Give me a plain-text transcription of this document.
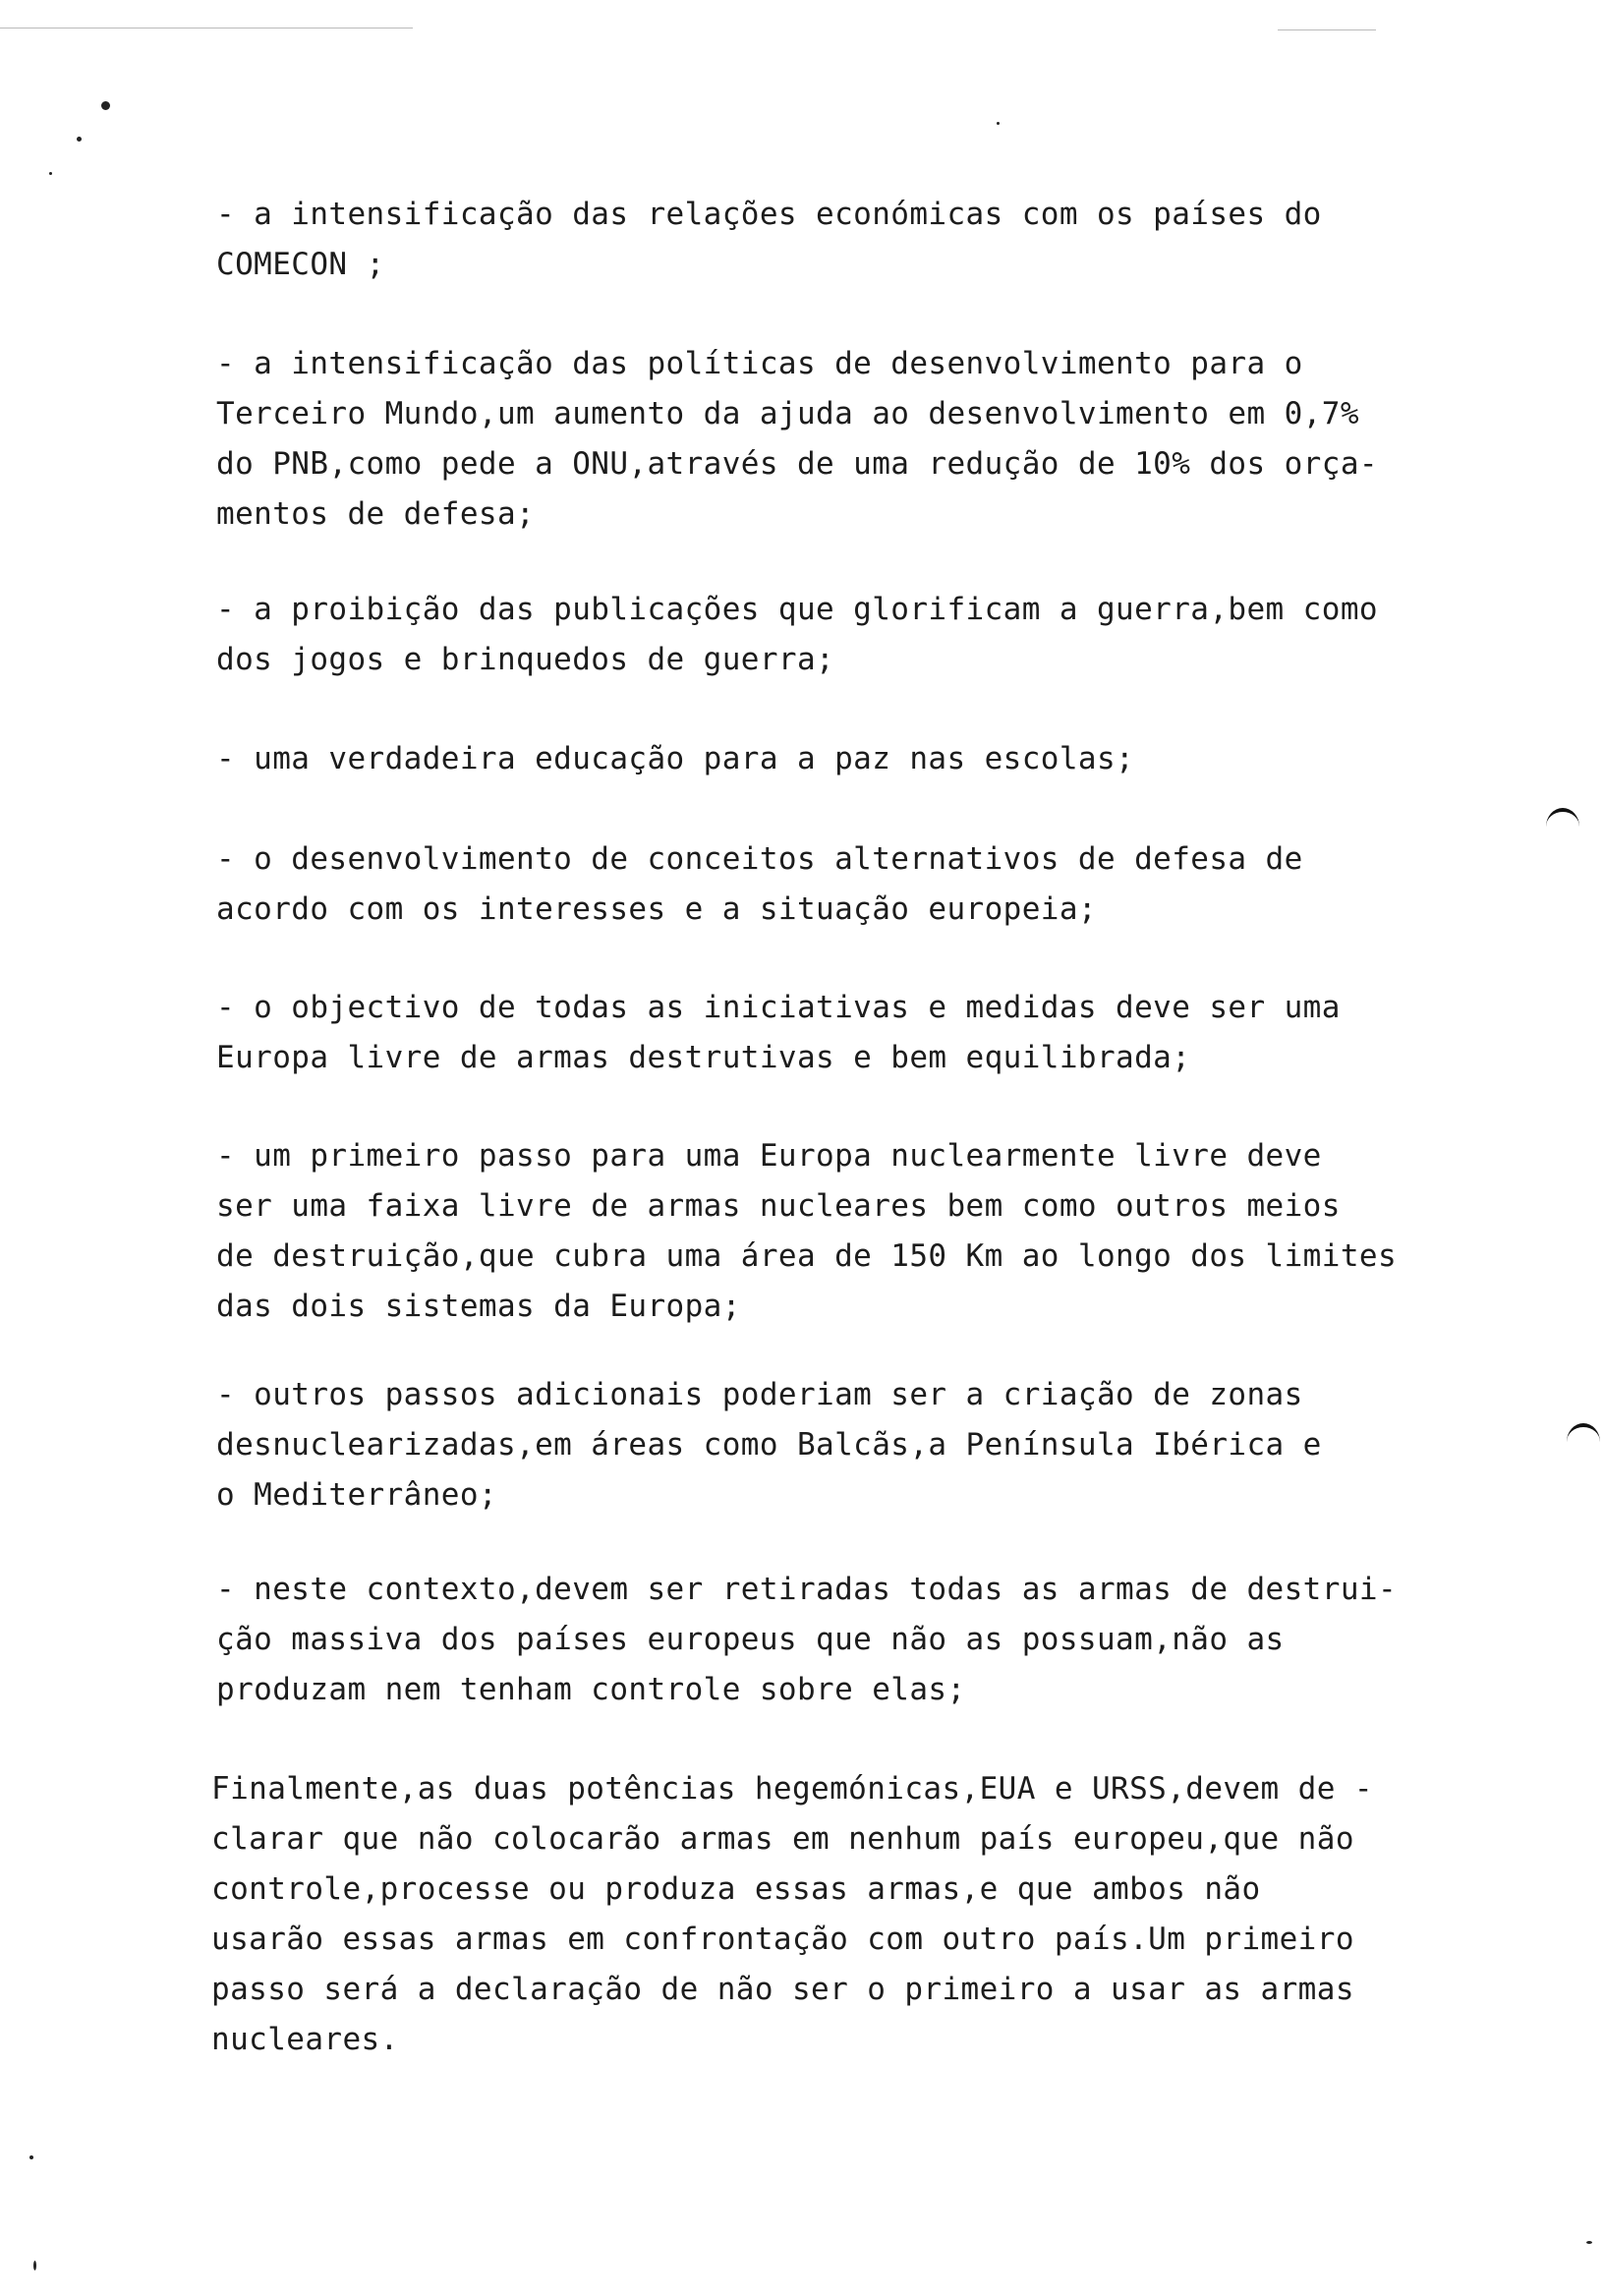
- a intensificação das relações económicas com os países do
COMECON ;
- a intensificação das políticas de desenvolvimento para o
Terceiro Mundo,um aumento da ajuda ao desenvolvimento em 0,7%
do PNB,como pede a ONU,através de uma redução de 10% dos orça-
mentos de defesa;
- a proibição das publicações que glorificam a guerra,bem como
dos jogos e brinquedos de guerra;
- uma verdadeira educação para a paz nas escolas;
- o desenvolvimento de conceitos alternativos de defesa de
acordo com os interesses e a situação europeia;
- o objectivo de todas as iniciativas e medidas deve ser uma
Europa livre de armas destrutivas e bem equilibrada;
- um primeiro passo para uma Europa nuclearmente livre deve
ser uma faixa livre de armas nucleares bem como outros meios
de destruição,que cubra uma área de 150 Km ao longo dos limites
das dois sistemas da Europa;
- outros passos adicionais poderiam ser a criação de zonas
desnuclearizadas,em áreas como Balcãs,a Península Ibérica e
o Mediterrâneo;
- neste contexto,devem ser retiradas todas as armas de destrui-
ção massiva dos países europeus que não as possuam,não as
produzam nem tenham controle sobre elas;
Finalmente,as duas potências hegemónicas,EUA e URSS,devem de -
clarar que não colocarão armas em nenhum país europeu,que não
controle,processe ou produza essas armas,e que ambos não
usarão essas armas em confrontação com outro país.Um primeiro
passo será a declaração de não ser o primeiro a usar as armas
nucleares.
